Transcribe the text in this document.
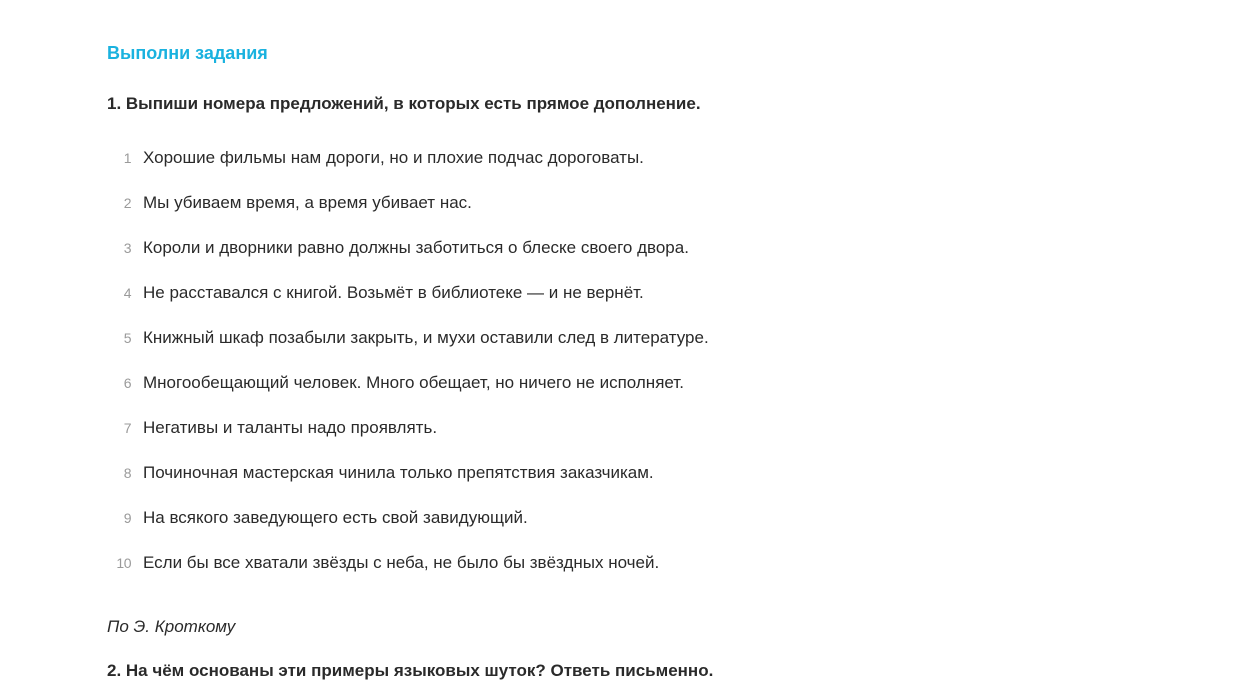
Выполни задания

1. Выпиши номера предложений, в которых есть прямое дополнение.

1 Хорошие фильмы нам дороги, но и плохие подчас дороговаты.
2 Мы убиваем время, а время убивает нас.
3 Короли и дворники равно должны заботиться о блеске своего двора.
4 Не расставался с книгой. Возьмёт в библиотеке — и не вернёт.
5 Книжный шкаф позабыли закрыть, и мухи оставили след в литературе.
6 Многообещающий человек. Много обещает, но ничего не исполняет.
7 Негативы и таланты надо проявлять.
8 Починочная мастерская чинила только препятствия заказчикам.
9 На всякого заведующего есть свой завидующий.
10 Если бы все хватали звёзды с неба, не было бы звёздных ночей.

По Э. Кроткому

2. На чём основаны эти примеры языковых шуток? Ответь письменно.
